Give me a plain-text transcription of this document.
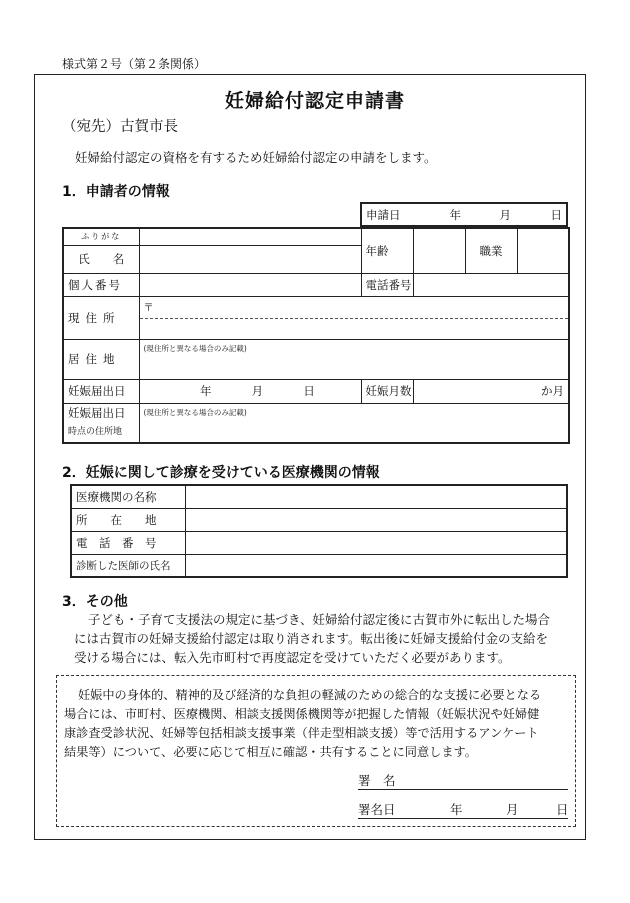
様式第２号（第２条関係）
妊婦給付認定申請書
（宛先）古賀市長
妊婦給付認定の資格を有するため妊婦給付認定の申請をします。
1．申請者の情報
申請日	年	月	日
ふりがな		年齢		職業	
氏　　名					
個人番号		電話番号			
現住所	〒				

居住地	(現住所と異なる場合のみ記載)				
妊娠届出日	年 月 日	妊娠月数	か月		
妊娠届出日
時点の住所地	(現住所と異なる場合のみ記載)				
2．妊娠に関して診療を受けている医療機関の情報
医療機関の名称	
所　　在　　地	
電　話　番　号	
診断した医師の氏名	
3．その他
子ども・子育て支援法の規定に基づき、妊婦給付認定後に古賀市外に転出した場合
には古賀市の妊婦支援給付認定は取り消されます。転出後に妊婦支援給付金の支給を
受ける場合には、転入先市町村で再度認定を受けていただく必要があります。
妊娠中の身体的、精神的及び経済的な負担の軽減のための総合的な支援に必要となる
場合には、市町村、医療機関、相談支援関係機関等が把握した情報（妊娠状況や妊婦健
康診査受診状況、妊婦等包括相談支援事業（伴走型相談支援）等で活用するアンケート
結果等）について、必要に応じて相互に確認・共有することに同意します。
署　名
署名日	年	月	日
